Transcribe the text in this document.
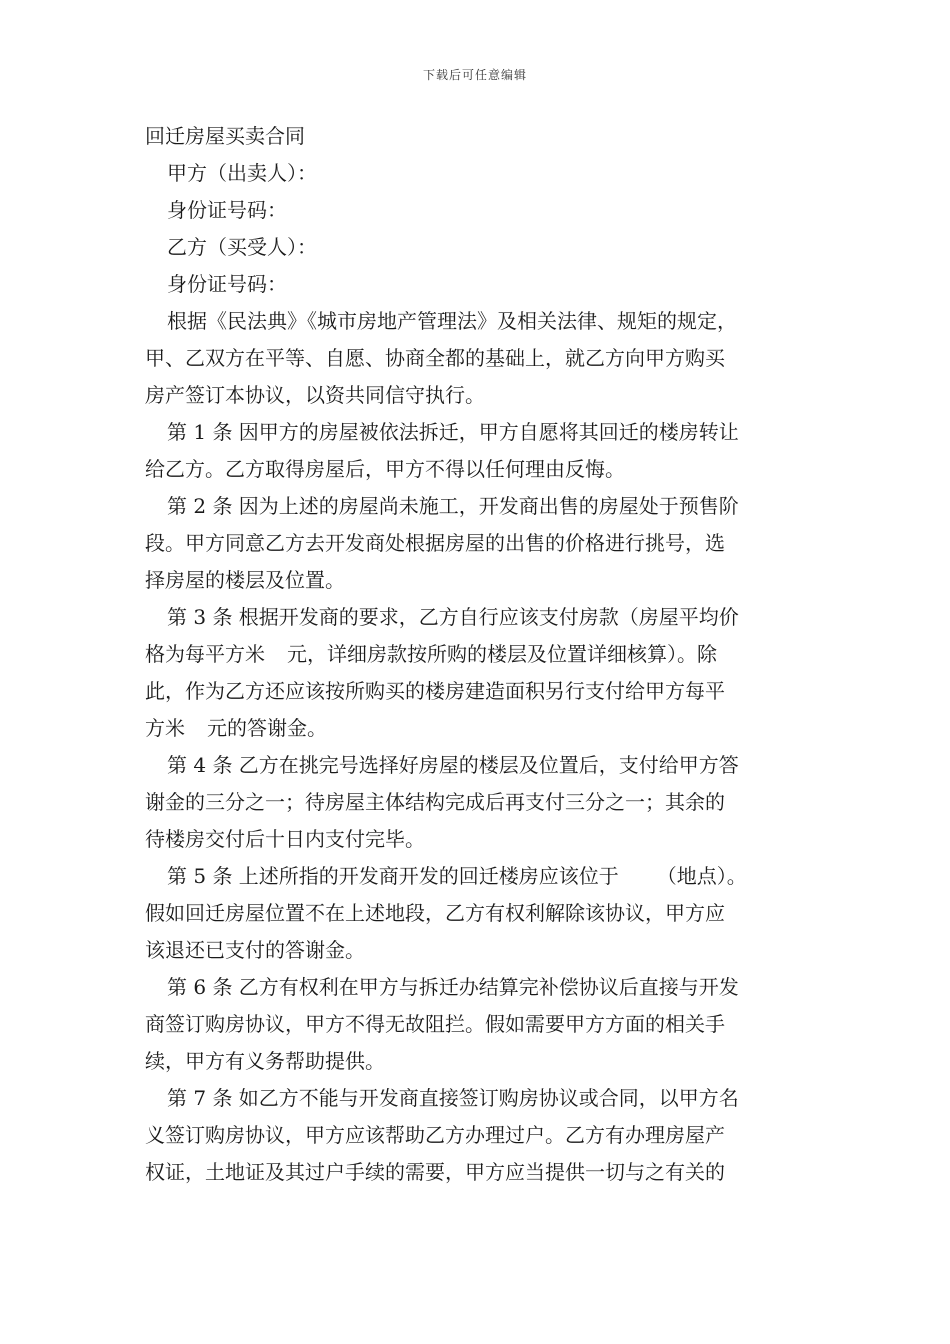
下载后可任意编辑
回迁房屋买卖合同
甲方（出卖人）：
身份证号码：
乙方（买受人）：
身份证号码：
根据《民法典》《城市房地产管理法》及相关法律、规矩的规定，
甲、乙双方在平等、自愿、协商全都的基础上，就乙方向甲方购买
房产签订本协议，以资共同信守执行。
第 1 条 因甲方的房屋被依法拆迁，甲方自愿将其回迁的楼房转让
给乙方。乙方取得房屋后，甲方不得以任何理由反悔。
第 2 条 因为上述的房屋尚未施工，开发商出售的房屋处于预售阶
段。甲方同意乙方去开发商处根据房屋的出售的价格进行挑号，选
择房屋的楼层及位置。
第 3 条 根据开发商的要求，乙方自行应该支付房款（房屋平均价
格为每平方米 元，详细房款按所购的楼层及位置详细核算）。除
此，作为乙方还应该按所购买的楼房建造面积另行支付给甲方每平
方米 元的答谢金。
第 4 条 乙方在挑完号选择好房屋的楼层及位置后，支付给甲方答
谢金的三分之一；待房屋主体结构完成后再支付三分之一；其余的
待楼房交付后十日内支付完毕。
第 5 条 上述所指的开发商开发的回迁楼房应该位于 （地点）。
假如回迁房屋位置不在上述地段，乙方有权利解除该协议，甲方应
该退还已支付的答谢金。
第 6 条 乙方有权利在甲方与拆迁办结算完补偿协议后直接与开发
商签订购房协议，甲方不得无故阻拦。假如需要甲方方面的相关手
续，甲方有义务帮助提供。
第 7 条 如乙方不能与开发商直接签订购房协议或合同，以甲方名
义签订购房协议，甲方应该帮助乙方办理过户。乙方有办理房屋产
权证，土地证及其过户手续的需要，甲方应当提供一切与之有关的
